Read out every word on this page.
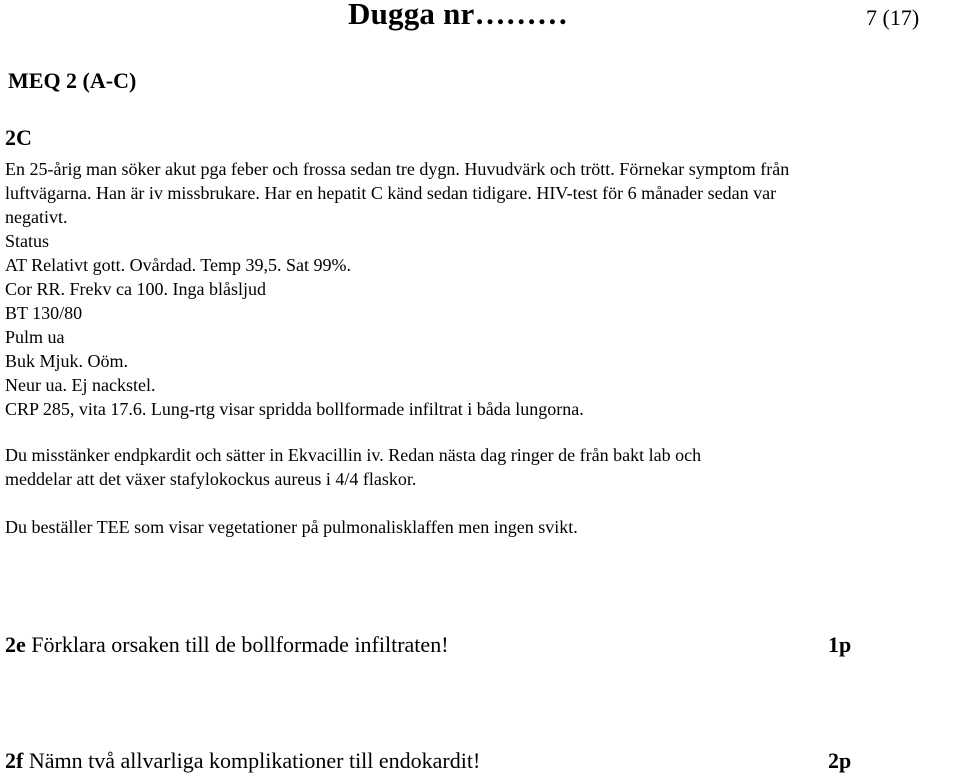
Dugga nr………	7 (17)
MEQ 2 (A-C)
2C

En 25-årig man söker akut pga feber och frossa sedan tre dygn. Huvudvärk och trött. Förnekar symptom från

luftvägarna. Han är iv missbrukare. Har en hepatit C känd sedan tidigare. HIV-test för 6 månader sedan var

negativt.

Status

AT Relativt gott. Ovårdad. Temp 39,5. Sat 99%.

Cor RR. Frekv ca 100. Inga blåsljud

BT 130/80

Pulm ua

Buk Mjuk. Oöm.

Neur ua. Ej nackstel.

CRP 285, vita 17.6. Lung-rtg visar spridda bollformade infiltrat i båda lungorna.

Du misstänker endpkardit och sätter in Ekvacillin iv. Redan nästa dag ringer de från bakt lab och

meddelar att det växer stafylokockus aureus i 4/4 flaskor.

Du beställer TEE som visar vegetationer på pulmonalisklaffen men ingen svikt.

2e Förklara orsaken till de bollformade infiltraten!	1p
2f Nämn två allvarliga komplikationer till endokardit!	2p
